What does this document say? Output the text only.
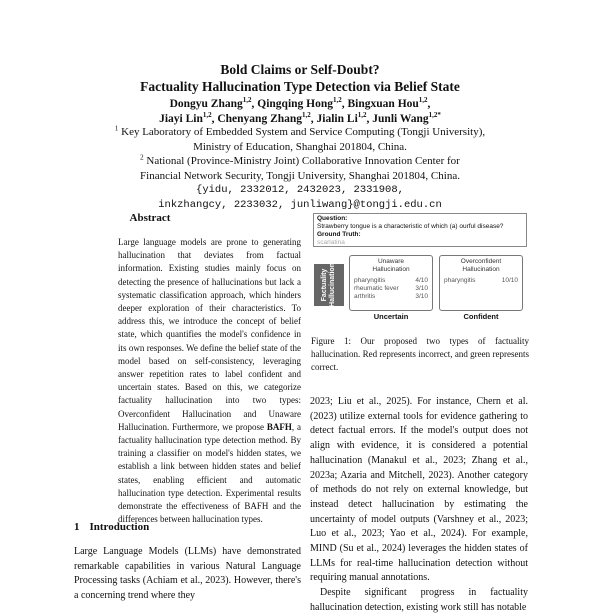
Bold Claims or Self-Doubt?
Factuality Hallucination Type Detection via Belief State
Dongyu Zhang$^{1,2}$, Qingqing Hong$^{1,2}$, Bingxuan Hou$^{1,2}$,
Jiayi Lin$^{1,2}$, Chenyang Zhang$^{1,2}$, Jialin Li$^{1,2}$, Junli Wang$^{1,2*}$
$^1$ Key Laboratory of Embedded System and Service Computing (Tongji University),
Ministry of Education, Shanghai 201804, China.
$^2$ National (Province-Ministry Joint) Collaborative Innovation Center for
Financial Network Security, Tongji University, Shanghai 201804, China.
{yidu, 2332012, 2432023, 2331908,
inkzhangcy, 2233032, junliwang}@tongji.edu.cn
Abstract

Large language models are prone to generating hallucination that deviates from factual information. Existing studies mainly focus on detecting the presence of hallucinations but lack a systematic classification approach, which hinders deeper exploration of their characteristics. To address this, we introduce the concept of belief state, which quantifies the model's confidence in its own responses. We define the belief state of the model based on self-consistency, leveraging answer repetition rates to label confident and uncertain states. Based on this, we categorize factuality hallucination into two types: Overconfident Hallucination and Unaware Hallucination. Furthermore, we propose BAFH, a factuality hallucination type detection method. By training a classifier on model's hidden states, we establish a link between hidden states and belief states, enabling efficient and automatic hallucination type detection. Experimental results demonstrate the effectiveness of BAFH and the differences between hallucination types.

1 Introduction

Large Language Models (LLMs) have demonstrated remarkable capabilities in various Natural Language Processing tasks (Achiam et al., 2023). However, there's a concerning trend where they

Question:
Strawberry tongue is a characteristic of which (a) ourful disease?
Ground Truth:
scarlatina
Factuality
Hallucination
Unaware
Hallucination
pharyngitis	4/10
rheumatic fever	3/10
arthritis	3/10
Uncertain
Overconfident
Hallucination
pharyngitis	10/10
Confident

Figure 1: Our proposed two types of factuality hallucination. Red represents incorrect, and green represents correct.

2023; Liu et al., 2025). For instance, Chern et al. (2023) utilize external tools for evidence gathering to detect factual errors. If the model's output does not align with evidence, it is considered a potential hallucination (Manakul et al., 2023; Zhang et al., 2023a; Azaria and Mitchell, 2023). Another category of methods do not rely on external knowledge, but instead detect hallucination by estimating the uncertainty of model outputs (Varshney et al., 2023; Luo et al., 2023; Yao et al., 2024). For example, MIND (Su et al., 2024) leverages the hidden states of LLMs for real-time hallucination detection without requiring manual annotations.
Despite significant progress in factuality hallucination detection, existing work still has notable
